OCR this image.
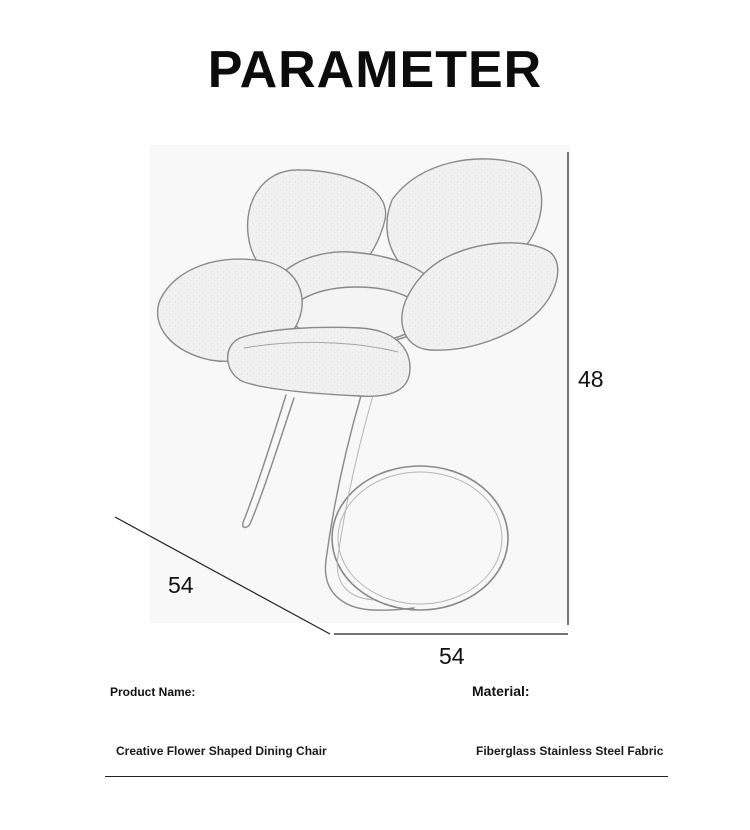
PARAMETER
48
54
54
Product Name:	Material:
Creative Flower Shaped Dining Chair	Fiberglass Stainless Steel Fabric
